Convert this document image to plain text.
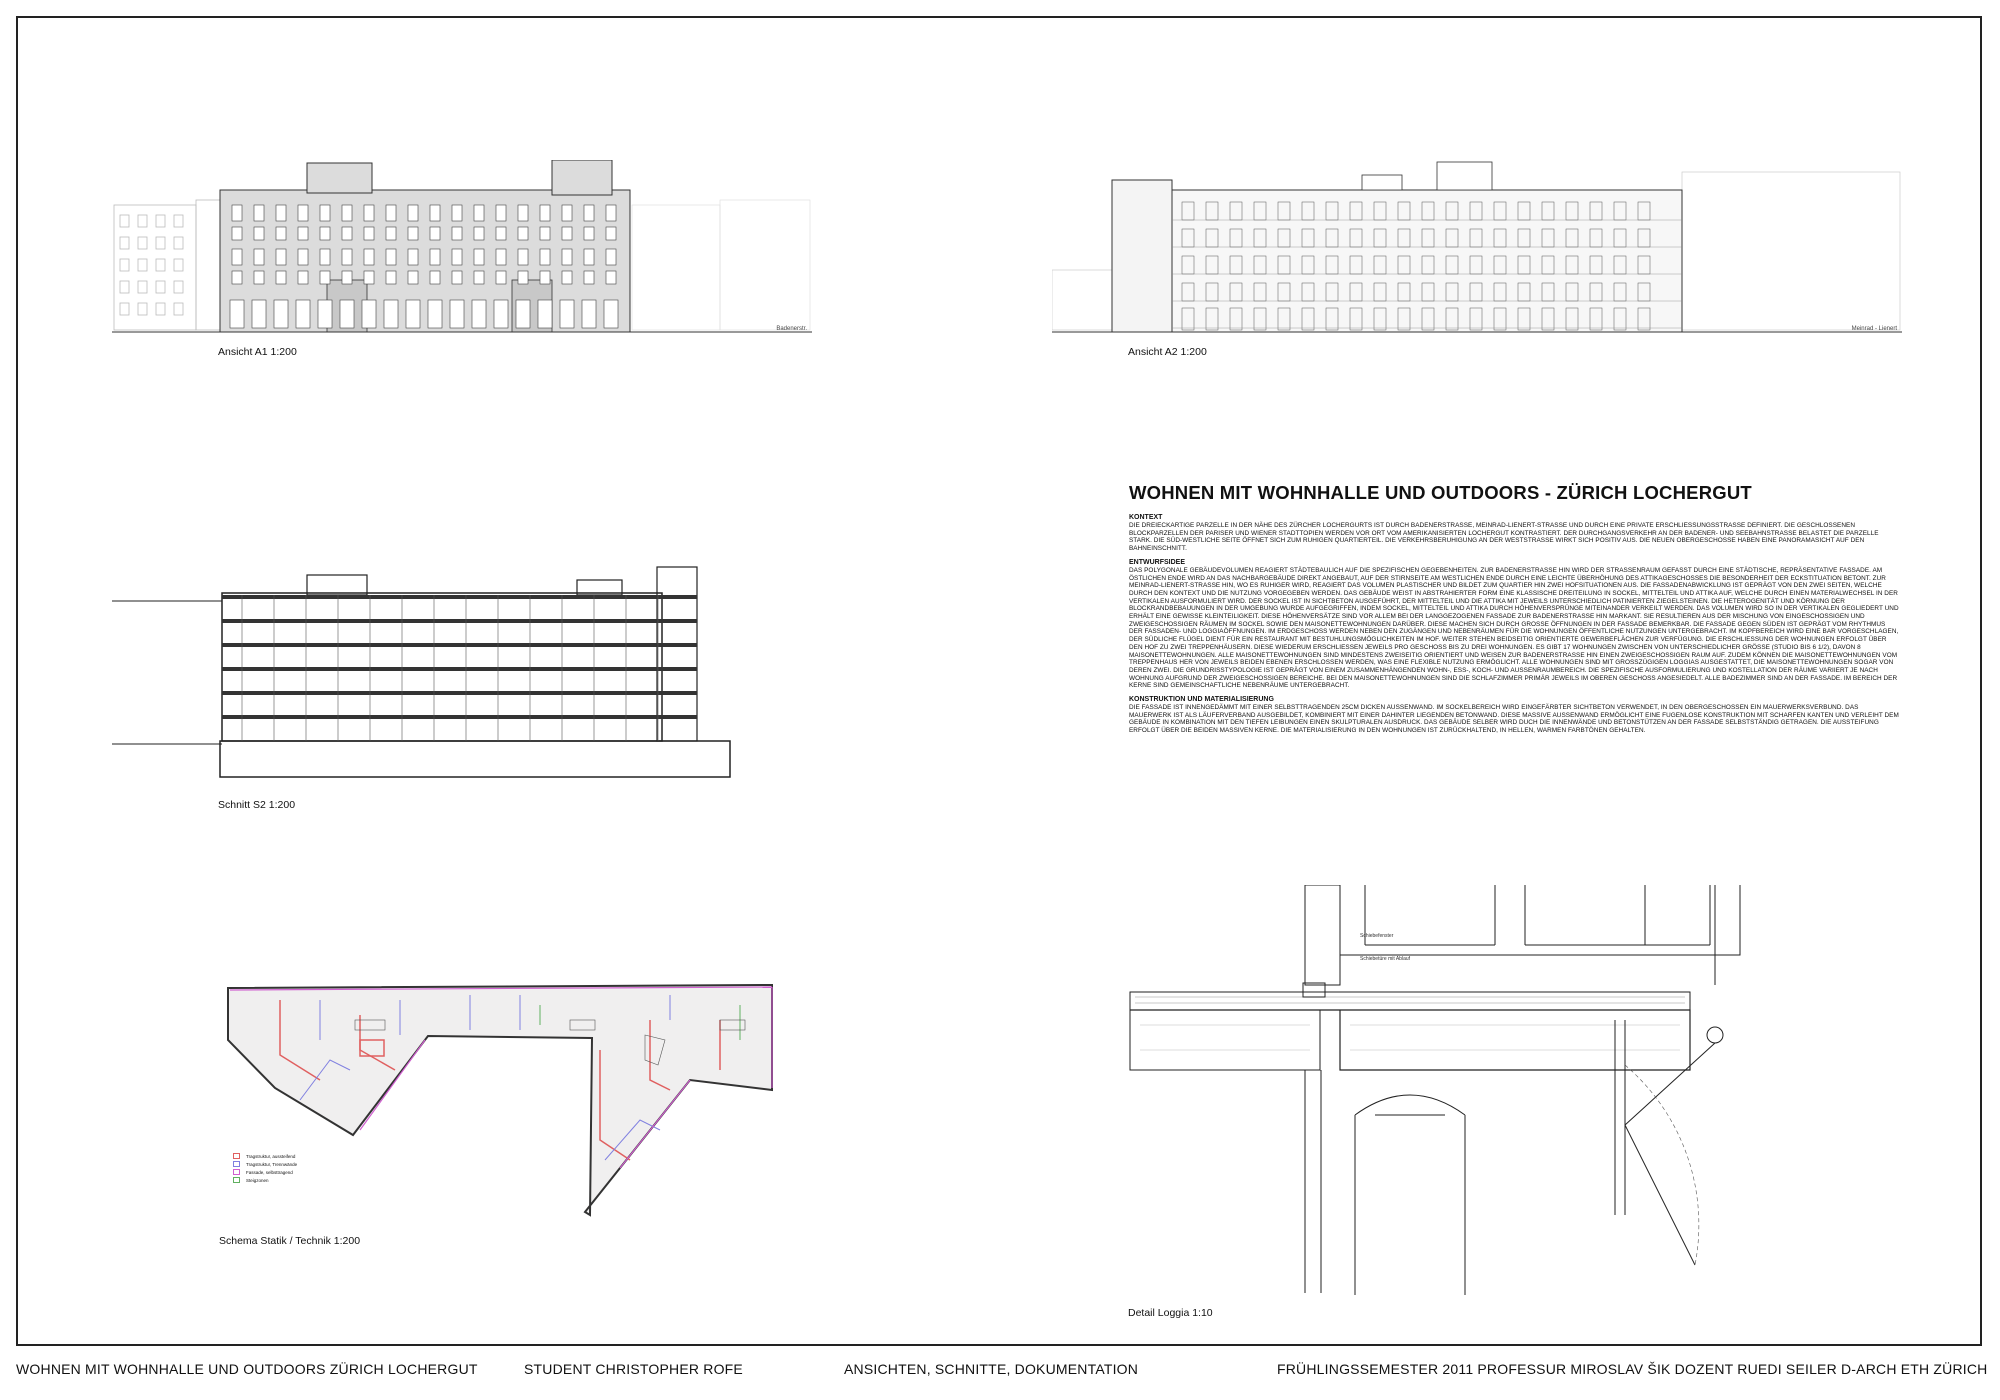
Badenerstr.
Ansicht A1 1:200
Meinrad - Lienert
Ansicht A2 1:200
Schnitt S2 1:200
WOHNEN MIT WOHNHALLE UND OUTDOORS - ZÜRICH LOCHERGUT
KONTEXT

DIE DREIECKARTIGE PARZELLE IN DER NÄHE DES ZÜRCHER LOCHERGURTS IST DURCH BADENERSTRASSE, MEINRAD-LIENERT-STRASSE UND DURCH EINE PRIVATE ERSCHLIESSUNGSSTRASSE DEFINIERT. DIE GESCHLOSSENEN BLOCKPARZELLEN DER PARISER UND WIENER STADTTOPIEN WERDEN VOR ORT VOM AMERIKANISIERTEN LOCHERGUT KONTRASTIERT. DER DURCHGANGSVERKEHR AN DER BADENER- UND SEEBAHNSTRASSE BELASTET DIE PARZELLE STARK. DIE SÜD-WESTLICHE SEITE ÖFFNET SICH ZUM RUHIGEN QUARTIERTEIL. DIE VERKEHRSBERUHIGUNG AN DER WESTSTRASSE WIRKT SICH POSITIV AUS. DIE NEUEN OBERGESCHOSSE HABEN EINE PANORAMASICHT AUF DEN BAHNEINSCHNITT.

ENTWURFSIDEE

DAS POLYGONALE GEBÄUDEVOLUMEN REAGIERT STÄDTEBAULICH AUF DIE SPEZIFISCHEN GEGEBENHEITEN. ZUR BADENERSTRASSE HIN WIRD DER STRASSENRAUM GEFASST DURCH EINE STÄDTISCHE, REPRÄSENTATIVE FASSADE. AM ÖSTLICHEN ENDE WIRD AN DAS NACHBARGEBÄUDE DIREKT ANGEBAUT, AUF DER STIRNSEITE AM WESTLICHEN ENDE DURCH EINE LEICHTE ÜBERHÖHUNG DES ATTIKAGESCHOSSES DIE BESONDERHEIT DER ECKSTITUATION BETONT. ZUR MEINRAD-LIENERT-STRASSE HIN, WO ES RUHIGER WIRD, REAGIERT DAS VOLUMEN PLASTISCHER UND BILDET ZUM QUARTIER HIN ZWEI HOFSITUATIONEN AUS. DIE FASSADENABWICKLUNG IST GEPRÄGT VON DEN ZWEI SEITEN, WELCHE DURCH DEN KONTEXT UND DIE NUTZUNG VORGEGEBEN WERDEN. DAS GEBÄUDE WEIST IN ABSTRAHIERTER FORM EINE KLASSISCHE DREITEILUNG IN SOCKEL, MITTELTEIL UND ATTIKA AUF, WELCHE DURCH EINEN MATERIALWECHSEL IN DER VERTIKALEN AUSFORMULIERT WIRD. DER SOCKEL IST IN SICHTBETON AUSGEFÜHRT, DER MITTELTEIL UND DIE ATTIKA MIT JEWEILS UNTERSCHIEDLICH PATINIERTEN ZIEGELSTEINEN. DIE HETEROGENITÄT UND KÖRNUNG DER BLOCKRANDBEBAUUNGEN IN DER UMGEBUNG WURDE AUFGEGRIFFEN, INDEM SOCKEL, MITTELTEIL UND ATTIKA DURCH HÖHENVERSPRÜNGE MITEINANDER VERKEILT WERDEN. DAS VOLUMEN WIRD SO IN DER VERTIKALEN GEGLIEDERT UND ERHÄLT EINE GEWISSE KLEINTEILIGKEIT. DIESE HÖHENVERSÄTZE SIND VOR ALLEM BEI DER LANGGEZOGENEN FASSADE ZUR BADENERSTRASSE HIN MARKANT. SIE RESULTIEREN AUS DER MISCHUNG VON EINGESCHOSSIGEN UND ZWEIGESCHOSSIGEN RÄUMEN IM SOCKEL SOWIE DEN MAISONETTEWOHNUNGEN DARÜBER. DIESE MACHEN SICH DURCH GROSSE ÖFFNUNGEN IN DER FASSADE BEMERKBAR. DIE FASSADE GEGEN SÜDEN IST GEPRÄGT VOM RHYTHMUS DER FASSADEN- UND LOGGIAÖFFNUNGEN. IM ERDGESCHOSS WERDEN NEBEN DEN ZUGÄNGEN UND NEBENRÄUMEN FÜR DIE WOHNUNGEN ÖFFENTLICHE NUTZUNGEN UNTERGEBRACHT. IM KOPFBEREICH WIRD EINE BAR VORGESCHLAGEN, DER SÜDLICHE FLÜGEL DIENT FÜR EIN RESTAURANT MIT BESTUHLUNGSMÖGLICHKEITEN IM HOF. WEITER STEHEN BEIDSEITIG ORIENTIERTE GEWERBEFLÄCHEN ZUR VERFÜGUNG. DIE ERSCHLIESSUNG DER WOHNUNGEN ERFOLGT ÜBER DEN HOF ZU ZWEI TREPPENHÄUSERN. DIESE WIEDERUM ERSCHLIESSEN JEWEILS PRO GESCHOSS BIS ZU DREI WOHNUNGEN. ES GIBT 17 WOHNUNGEN ZWISCHEN VON UNTERSCHIEDLICHER GRÖSSE (STUDIO BIS 6 1/2), DAVON 8 MAISONETTEWOHNUNGEN. ALLE MAISONETTEWOHNUNGEN SIND MINDESTENS ZWEISEITIG ORIENTIERT UND WEISEN ZUR BADENERSTRASSE HIN EINEN ZWEIGESCHOSSIGEN RAUM AUF. ZUDEM KÖNNEN DIE MAISONETTEWOHNUNGEN VOM TREPPENHAUS HER VON JEWEILS BEIDEN EBENEN ERSCHLOSSEN WERDEN, WAS EINE FLEXIBLE NUTZUNG ERMÖGLICHT. ALLE WOHNUNGEN SIND MIT GROSSZÜGIGEN LOGGIAS AUSGESTATTET, DIE MAISONETTEWOHNUNGEN SOGAR VON DEREN ZWEI. DIE GRUNDRISSTYPOLOGIE IST GEPRÄGT VON EINEM ZUSAMMENHÄNGENDEN WOHN-, ESS-, KOCH- UND AUSSENRAUMBEREICH. DIE SPEZIFISCHE AUSFORMULIERUNG UND KOSTELLATION DER RÄUME VARIIERT JE NACH WOHNUNG AUFGRUND DER ZWEIGESCHOSSIGEN BEREICHE. BEI DEN MAISONETTEWOHNUNGEN SIND DIE SCHLAFZIMMER PRIMÄR JEWEILS IM OBEREN GESCHOSS ANGESIEDELT. ALLE BADEZIMMER SIND AN DER FASSADE. IM BEREICH DER KERNE SIND GEMEINSCHAFTLICHE NEBENRÄUME UNTERGEBRACHT.

KONSTRUKTION UND MATERIALISIERUNG

DIE FASSADE IST INNENGEDÄMMT MIT EINER SELBSTTRAGENDEN 25CM DICKEN AUSSENWAND. IM SOCKELBEREICH WIRD EINGEFÄRBTER SICHTBETON VERWENDET, IN DEN OBERGESCHOSSEN EIN MAUERWERKSVERBUND. DAS MAUERWERK IST ALS LÄUFERVERBAND AUSGEBILDET, KOMBINIERT MIT EINER DAHINTER LIEGENDEN BETONWAND. DIESE MASSIVE AUSSENWAND ERMÖGLICHT EINE FUGENLOSE KONSTRUKTION MIT SCHARFEN KANTEN UND VERLEIHT DEM GEBÄUDE IN KOMBINATION MIT DEN TIEFEN LEIBUNGEN EINEN SKULPTURALEN AUSDRUCK. DAS GEBÄUDE SELBER WIRD DUCH DIE INNENWÄNDE UND BETONSTÜTZEN AN DER FASSADE SELBSTSTÄNDIG GETRAGEN. DIE AUSSTEIFUNG ERFOLGT ÜBER DIE BEIDEN MASSIVEN KERNE. DIE MATERIALISIERUNG IN DEN WOHNUNGEN IST ZURÜCKHALTEND, IN HELLEN, WARMEN FARBTÖNEN GEHALTEN.

Tragstruktur, aussteifend
Tragstruktur, Trennwände
Fassade, selbsttragend
Steigzonen
Schema Statik / Technik 1:200
Schiebefenster
Schiebetüre mit Ablauf
Detail Loggia 1:10
WOHNEN MIT WOHNHALLE UND OUTDOORS ZÜRICH LOCHERGUT	STUDENT CHRISTOPHER ROFE	ANSICHTEN, SCHNITTE, DOKUMENTATION	FRÜHLINGSSEMESTER 2011 PROFESSUR MIROSLAV ŠIK DOZENT RUEDI SEILER D-ARCH ETH ZÜRICH
